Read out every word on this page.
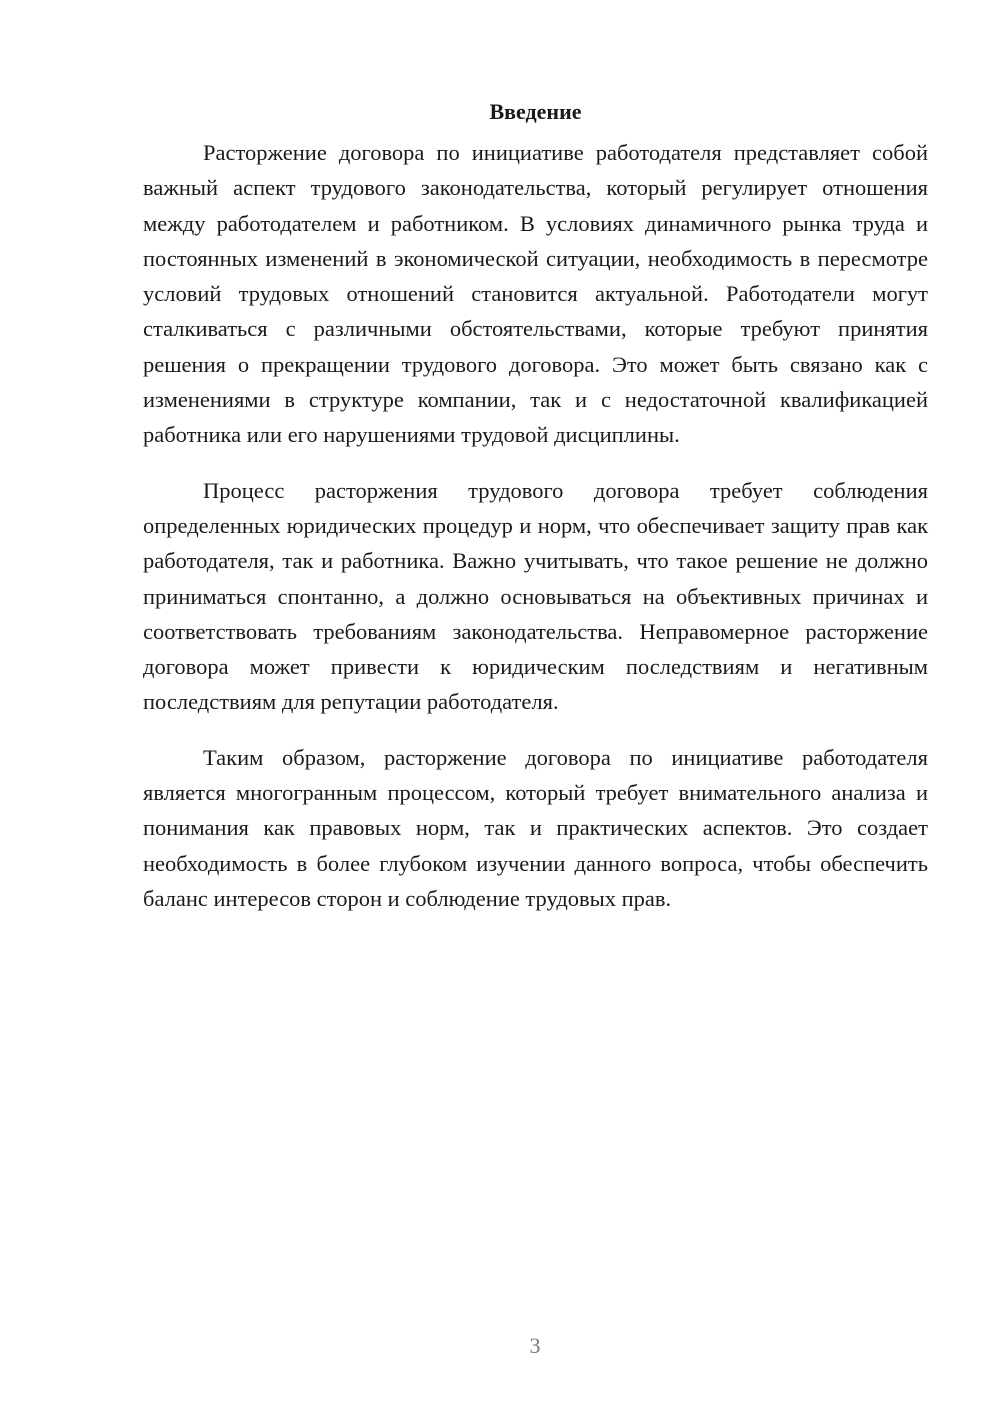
Введение

Расторжение договора по инициативе работодателя представляет собой важный аспект трудового законодательства, который регулирует отношения между работодателем и работником. В условиях динамичного рынка труда и постоянных изменений в экономической ситуации, необходимость в пересмотре условий трудовых отношений становится актуальной. Работодатели могут сталкиваться с различными обстоятельствами, которые требуют принятия решения о прекращении трудового договора. Это может быть связано как с изменениями в структуре компании, так и с недостаточной квалификацией работника или его нарушениями трудовой дисциплины.

Процесс расторжения трудового договора требует соблюдения определенных юридических процедур и норм, что обеспечивает защиту прав как работодателя, так и работника. Важно учитывать, что такое решение не должно приниматься спонтанно, а должно основываться на объективных причинах и соответствовать требованиям законодательства. Неправомерное расторжение договора может привести к юридическим последствиям и негативным последствиям для репутации работодателя.

Таким образом, расторжение договора по инициативе работодателя является многогранным процессом, который требует внимательного анализа и понимания как правовых норм, так и практических аспектов. Это создает необходимость в более глубоком изучении данного вопроса, чтобы обеспечить баланс интересов сторон и соблюдение трудовых прав.

3
